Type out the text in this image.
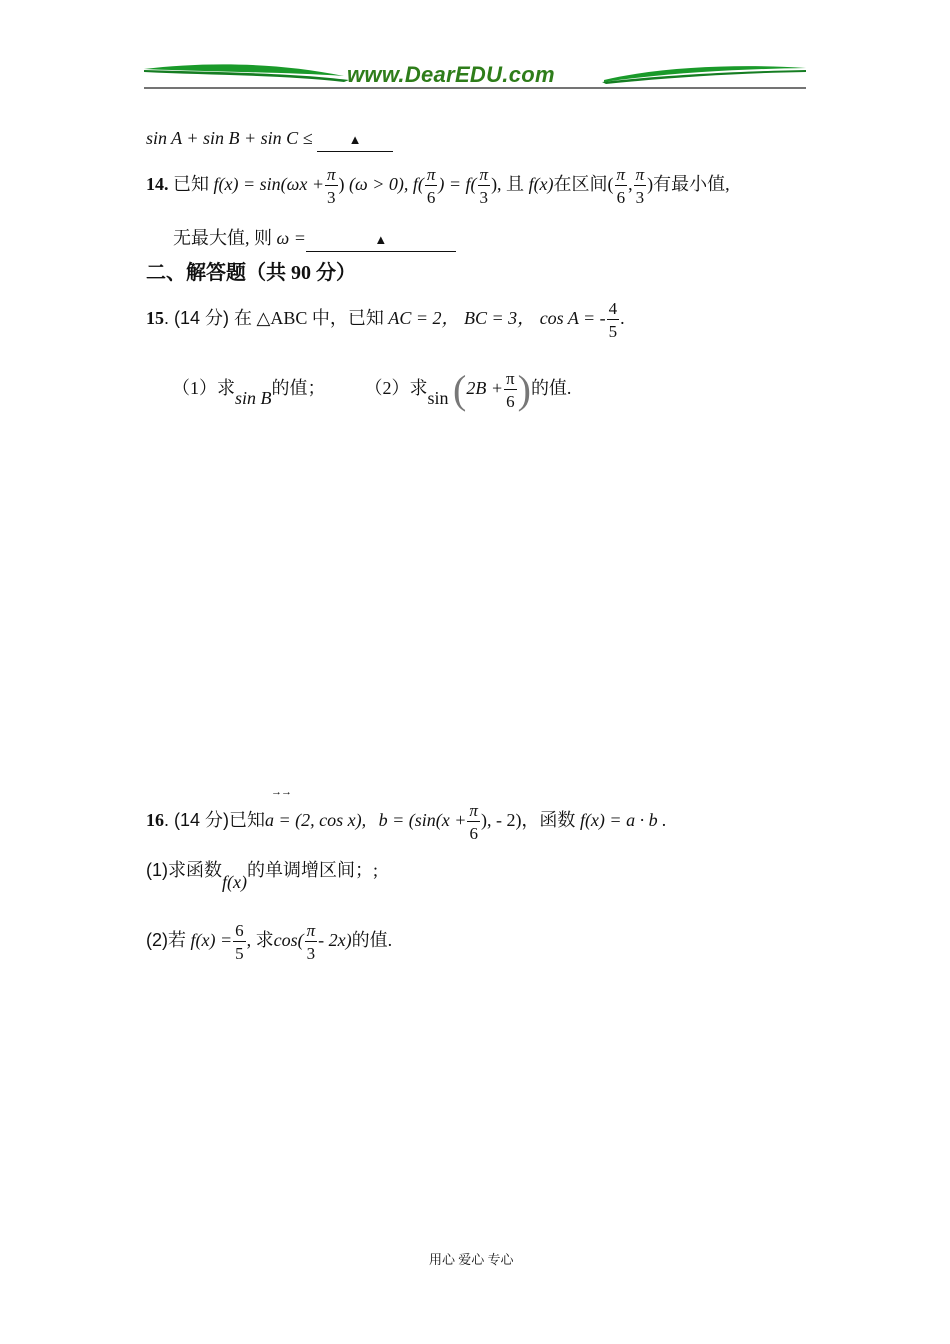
www.DearEDU.com
sin A + sin B + sin C ≤	▲
14. 已知 $f(x) = \sin(\omega x + \frac{\pi}{3}$ ) (ω > 0), $f( \frac{\pi}{6}$ ) = $f( \frac{\pi}{3}$ ), 且 f(x)在区间( $\frac{\pi}{6}$ , $\frac{\pi}{3}$ )有最小值,
无最大值, 则 ω =	▲
二、解答题（共 90 分）
15. (14 分) 在 △ABC 中，已知 AC = 2， BC = 3， cos A = - $\frac{4}{5}$ .
（1）求sin B的值； （2）求$\sin (2B + \frac{\pi}{6}$ )的值.
→→
16. (14 分)已知a = (2, cos x), $b = (\sin(x + \frac{\pi}{6}$ ), - 2)，函数 f(x) = a · b .
(1)求函数f(x)的单调增区间；;
(2)若 $f(x) = \frac{6}{5}$ , 求$\cos( \frac{\pi}{3} - 2x)$的值.
用心 爱心 专心
